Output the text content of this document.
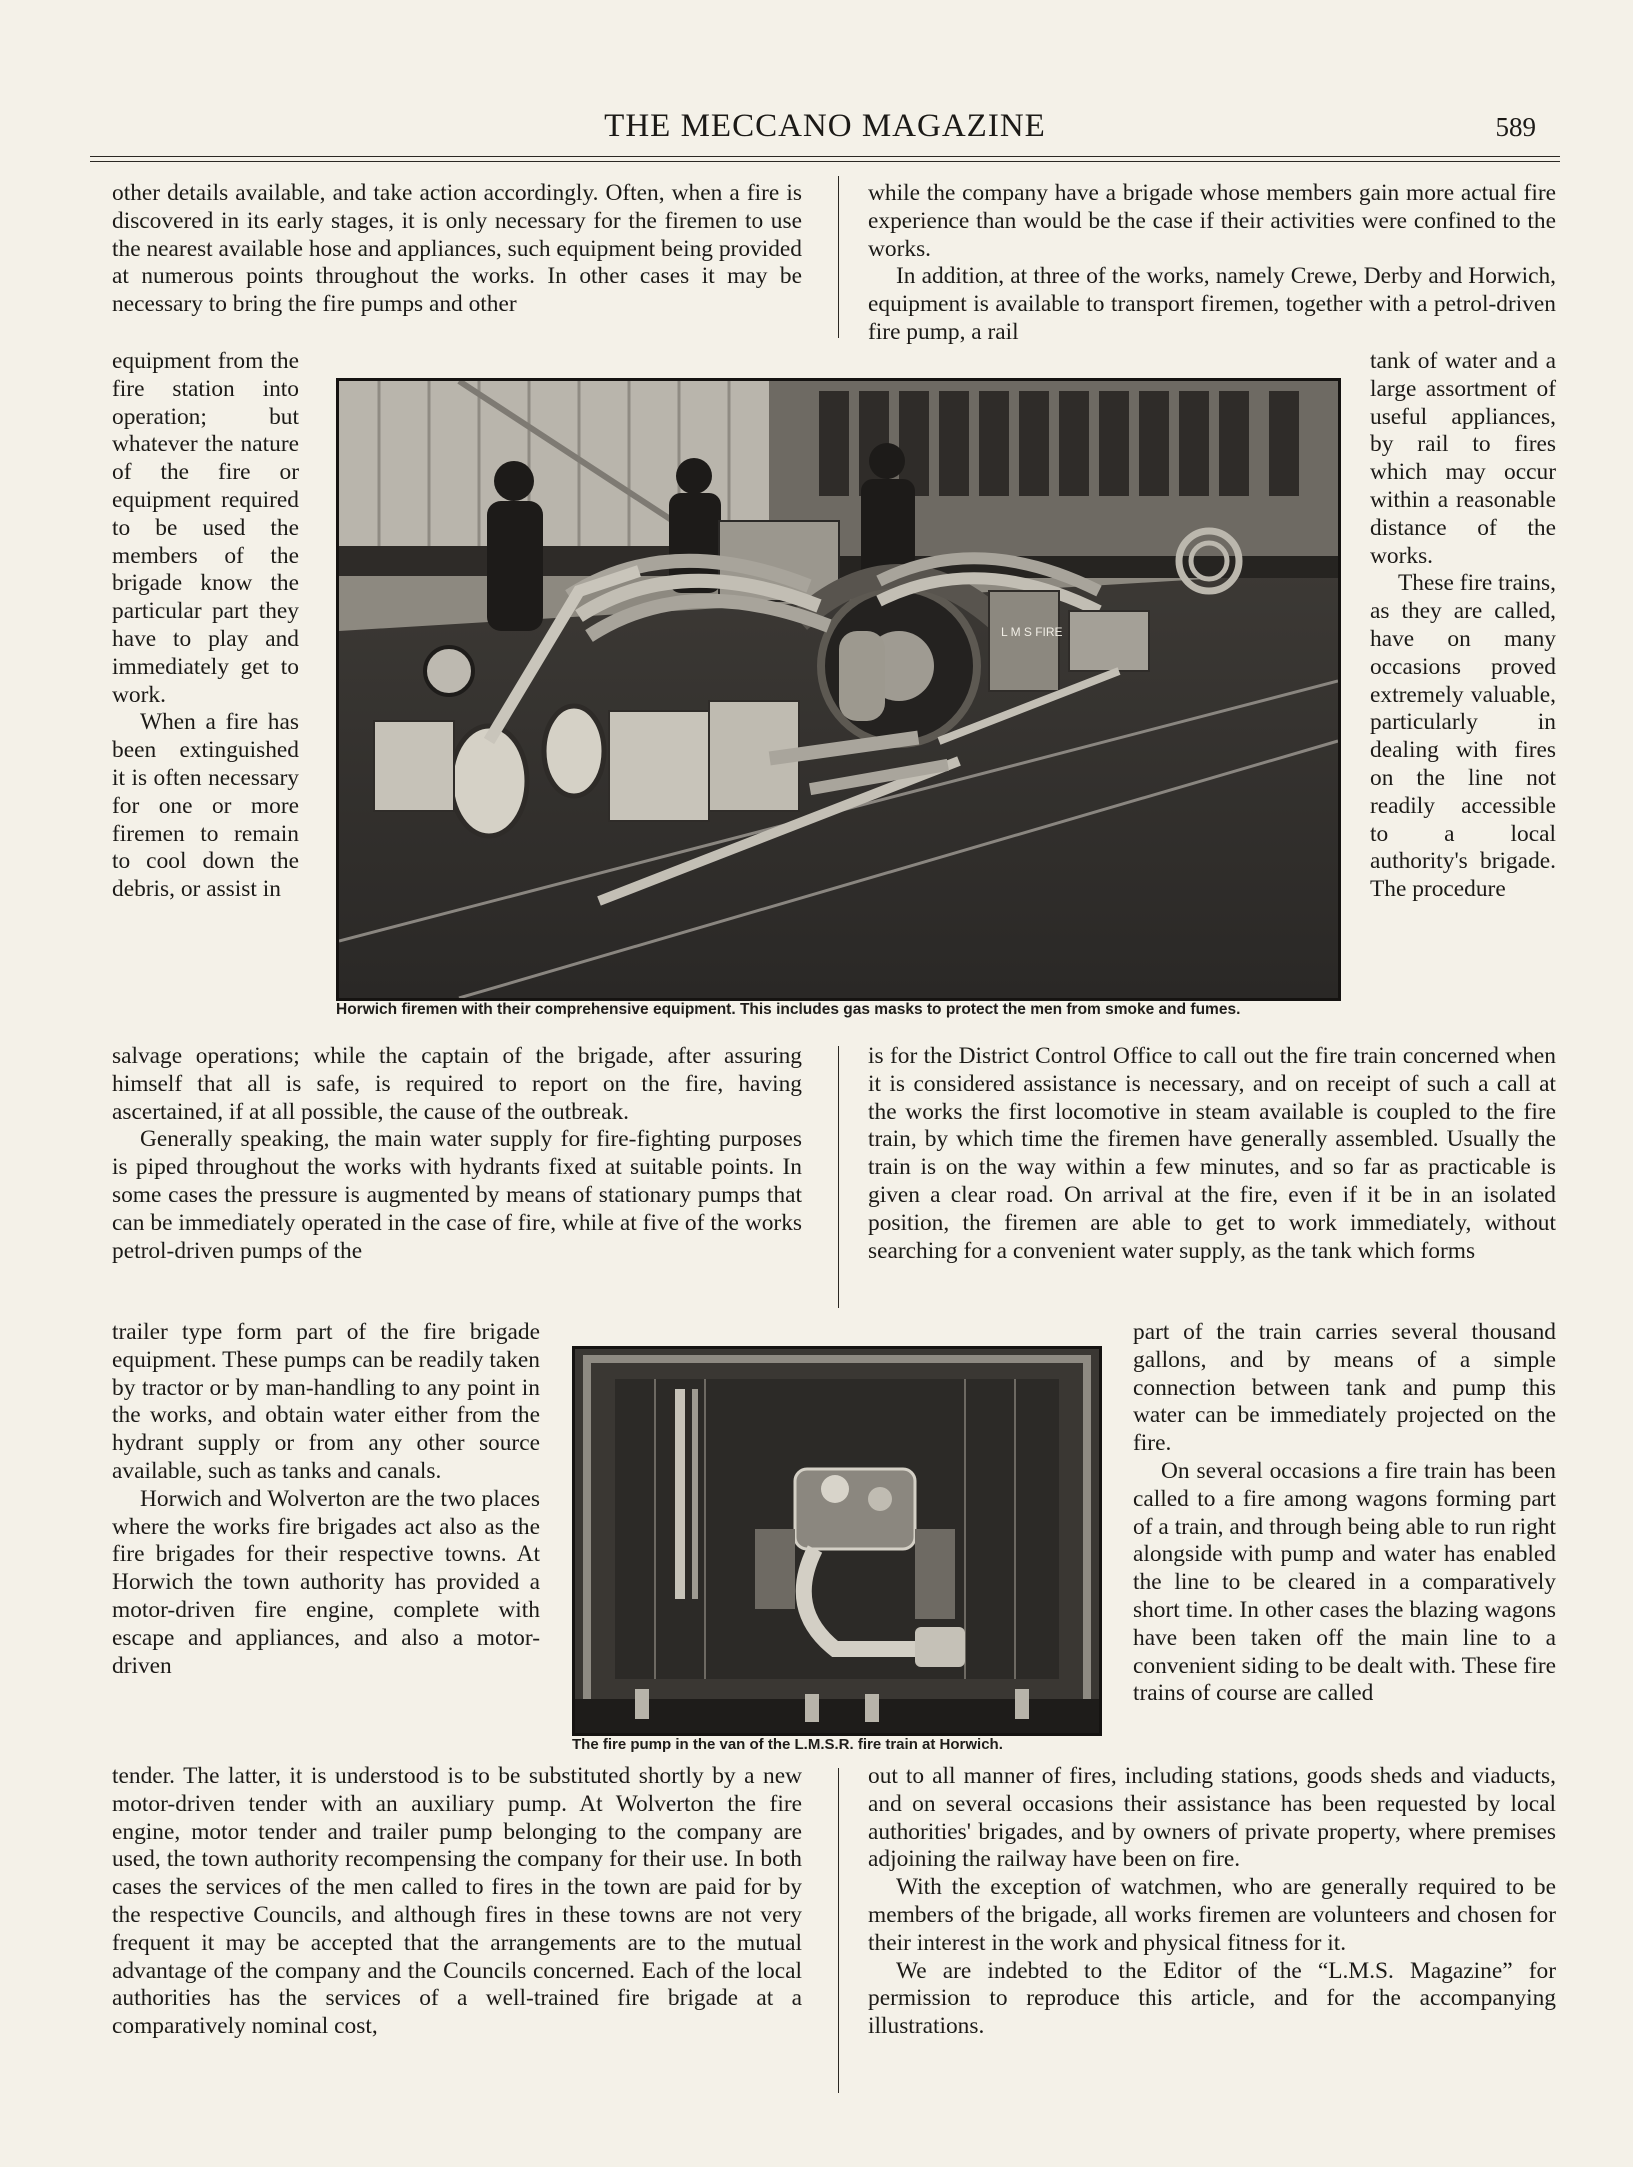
THE MECCANO MAGAZINE	589

other details available, and take action accordingly. Often, when a fire is discovered in its early stages, it is only necessary for the firemen to use the nearest available hose and appliances, such equipment being provided at numerous points throughout the works. In other cases it may be necessary to bring the fire pumps and other

equipment from the fire station into operation; but whatever the nature of the fire or equipment required to be used the members of the brigade know the particular part they have to play and immediately get to work.

When a fire has been extinguished it is often necessary for one or more firemen to remain to cool down the debris, or assist in

salvage operations; while the captain of the brigade, after assuring himself that all is safe, is required to report on the fire, having ascertained, if at all possible, the cause of the outbreak.

Generally speaking, the main water supply for fire-fighting purposes is piped throughout the works with hydrants fixed at suitable points. In some cases the pressure is augmented by means of stationary pumps that can be immediately operated in the case of fire, while at five of the works petrol-driven pumps of the

trailer type form part of the fire brigade equipment. These pumps can be readily taken by tractor or by man-handling to any point in the works, and obtain water either from the hydrant supply or from any other source available, such as tanks and canals.

Horwich and Wolverton are the two places where the works fire brigades act also as the fire brigades for their respective towns. At Horwich the town authority has provided a motor-driven fire engine, complete with escape and appliances, and also a motor-driven

tender. The latter, it is understood is to be substituted shortly by a new motor-driven tender with an auxiliary pump. At Wolverton the fire engine, motor tender and trailer pump belonging to the company are used, the town authority recompensing the company for their use. In both cases the services of the men called to fires in the town are paid for by the respective Councils, and although fires in these towns are not very frequent it may be accepted that the arrangements are to the mutual advantage of the company and the Councils concerned. Each of the local authorities has the services of a well-trained fire brigade at a comparatively nominal cost,

while the company have a brigade whose members gain more actual fire experience than would be the case if their activities were confined to the works.

In addition, at three of the works, namely Crewe, Derby and Horwich, equipment is available to transport firemen, together with a petrol-driven fire pump, a rail

tank of water and a large assortment of useful appliances, by rail to fires which may occur within a reasonable distance of the works.

These fire trains, as they are called, have on many occasions proved extremely valuable, particularly in dealing with fires on the line not readily accessible to a local authority's brigade. The procedure

is for the District Control Office to call out the fire train concerned when it is considered assistance is necessary, and on receipt of such a call at the works the first locomotive in steam available is coupled to the fire train, by which time the firemen have generally assembled. Usually the train is on the way within a few minutes, and so far as practicable is given a clear road. On arrival at the fire, even if it be in an isolated position, the firemen are able to get to work immediately, without searching for a convenient water supply, as the tank which forms

part of the train carries several thousand gallons, and by means of a simple connection between tank and pump this water can be immediately projected on the fire.

On several occasions a fire train has been called to a fire among wagons forming part of a train, and through being able to run right alongside with pump and water has enabled the line to be cleared in a comparatively short time. In other cases the blazing wagons have been taken off the main line to a convenient siding to be dealt with. These fire trains of course are called

out to all manner of fires, including stations, goods sheds and viaducts, and on several occasions their assistance has been requested by local authorities' brigades, and by owners of private property, where premises adjoining the railway have been on fire.

With the exception of watchmen, who are generally required to be members of the brigade, all works firemen are volunteers and chosen for their interest in the work and physical fitness for it.

We are indebted to the Editor of the “L.M.S. Magazine” for permission to reproduce this article, and for the accompanying illustrations.

L M S FIRE
Horwich firemen with their comprehensive equipment. This includes gas masks to protect the men from smoke and fumes.
The fire pump in the van of the L.M.S.R. fire train at Horwich.
